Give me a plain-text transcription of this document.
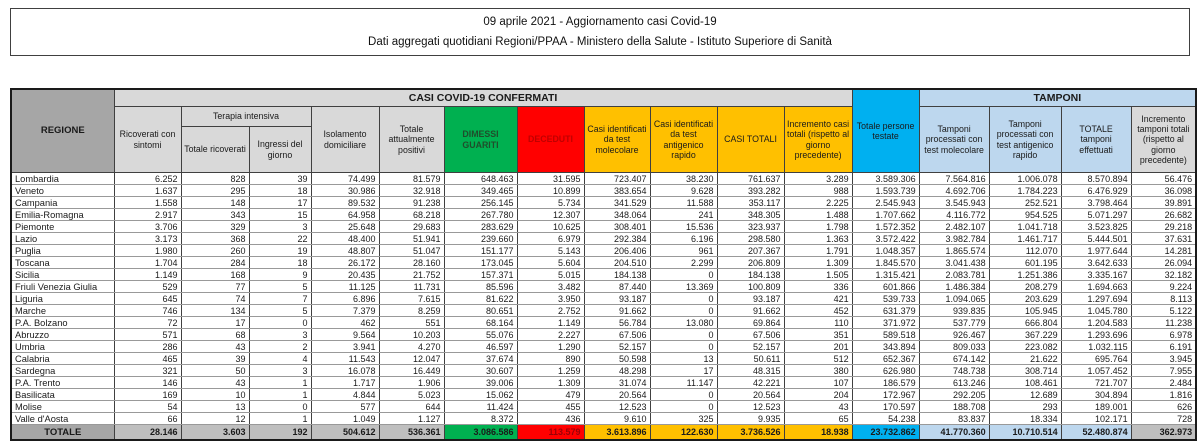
09 aprile 2021 - Aggiornamento casi Covid-19
Dati aggregati quotidiani Regioni/PPAA - Ministero della Salute - Istituto Superiore di Sanità
REGIONE	CASI COVID-19 CONFERMATI											Totale persone testate	TAMPONI			
	Ricoverati con sintomi	Terapia intensiva		Isolamento domiciliare	Totale attualmente positivi	DIMESSI GUARITI	DECEDUTI	Casi identificati da test molecolare	Casi identificati da test antigenico rapido	CASI TOTALI	Incremento casi totali (rispetto al giorno precedente)		Tamponi processati con test molecolare	Tamponi processati con test antigenico rapido	TOTALE tamponi effettuati	Incremento tamponi totali (rispetto al giorno precedente)
		Totale ricoverati	Ingressi del giorno													
Lombardia	6.252	828	39	74.499	81.579	648.463	31.595	723.407	38.230	761.637	3.289	3.589.306	7.564.816	1.006.078	8.570.894	56.476
Veneto	1.637	295	18	30.986	32.918	349.465	10.899	383.654	9.628	393.282	988	1.593.739	4.692.706	1.784.223	6.476.929	36.098
Campania	1.558	148	17	89.532	91.238	256.145	5.734	341.529	11.588	353.117	2.225	2.545.943	3.545.943	252.521	3.798.464	39.891
Emilia-Romagna	2.917	343	15	64.958	68.218	267.780	12.307	348.064	241	348.305	1.488	1.707.662	4.116.772	954.525	5.071.297	26.682
Piemonte	3.706	329	3	25.648	29.683	283.629	10.625	308.401	15.536	323.937	1.798	1.572.352	2.482.107	1.041.718	3.523.825	29.218
Lazio	3.173	368	22	48.400	51.941	239.660	6.979	292.384	6.196	298.580	1.363	3.572.422	3.982.784	1.461.717	5.444.501	37.631
Puglia	1.980	260	19	48.807	51.047	151.177	5.143	206.406	961	207.367	1.791	1.048.357	1.865.574	112.070	1.977.644	14.281
Toscana	1.704	284	18	26.172	28.160	173.045	5.604	204.510	2.299	206.809	1.309	1.845.570	3.041.438	601.195	3.642.633	26.094
Sicilia	1.149	168	9	20.435	21.752	157.371	5.015	184.138	0	184.138	1.505	1.315.421	2.083.781	1.251.386	3.335.167	32.182
Friuli Venezia Giulia	529	77	5	11.125	11.731	85.596	3.482	87.440	13.369	100.809	336	601.866	1.486.384	208.279	1.694.663	9.224
Liguria	645	74	7	6.896	7.615	81.622	3.950	93.187	0	93.187	421	539.733	1.094.065	203.629	1.297.694	8.113
Marche	746	134	5	7.379	8.259	80.651	2.752	91.662	0	91.662	452	631.379	939.835	105.945	1.045.780	5.122
P.A. Bolzano	72	17	0	462	551	68.164	1.149	56.784	13.080	69.864	110	371.972	537.779	666.804	1.204.583	11.238
Abruzzo	571	68	3	9.564	10.203	55.076	2.227	67.506	0	67.506	351	589.518	926.467	367.229	1.293.696	6.978
Umbria	286	43	2	3.941	4.270	46.597	1.290	52.157	0	52.157	201	343.894	809.033	223.082	1.032.115	6.191
Calabria	465	39	4	11.543	12.047	37.674	890	50.598	13	50.611	512	652.367	674.142	21.622	695.764	3.945
Sardegna	321	50	3	16.078	16.449	30.607	1.259	48.298	17	48.315	380	626.980	748.738	308.714	1.057.452	7.955
P.A. Trento	146	43	1	1.717	1.906	39.006	1.309	31.074	11.147	42.221	107	186.579	613.246	108.461	721.707	2.484
Basilicata	169	10	1	4.844	5.023	15.062	479	20.564	0	20.564	204	172.967	292.205	12.689	304.894	1.816
Molise	54	13	0	577	644	11.424	455	12.523	0	12.523	43	170.597	188.708	293	189.001	626
Valle d'Aosta	66	12	1	1.049	1.127	8.372	436	9.610	325	9.935	65	54.238	83.837	18.334	102.171	728
TOTALE	28.146	3.603	192	504.612	536.361	3.086.586	113.579	3.613.896	122.630	3.736.526	18.938	23.732.862	41.770.360	10.710.514	52.480.874	362.973
